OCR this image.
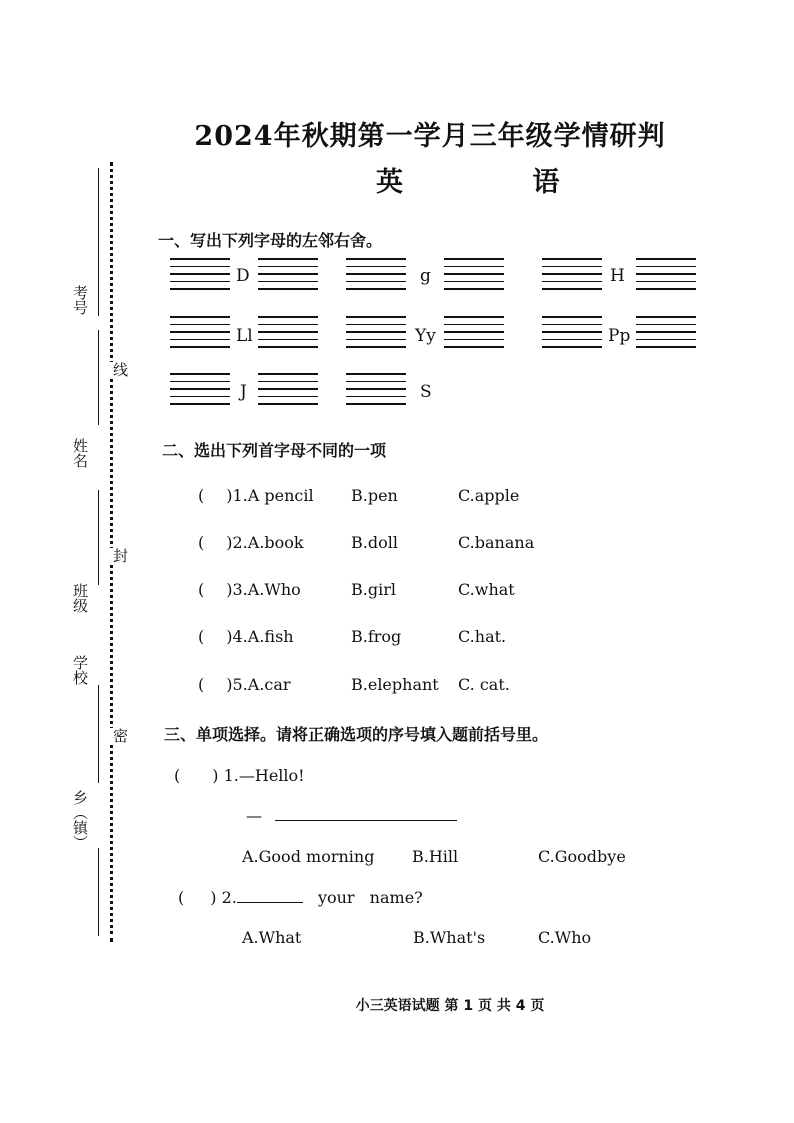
2024年秋期第一学月三年级学情研判
英 语
考号
姓名
班级
学校
乡（镇）
线
封
密
一、写出下列字母的左邻右舍。
D	g	H
Ll	Yy	Pp
J	S
二、选出下列首字母不同的一项
( )1.A pencil B.pen	C.apple
( )2.A.book	B.doll	C.banana
( )3.A.Who	B.girl	C.what
( )4.A.fish	B.frog	C.hat.
( )5.A.car	B.elephant C. cat.
三、单项选择。请将正确选项的序号填入题前括号里。
( ) 1.—Hello!
—
A.Good morning B.Hill	C.Goodbye
( ) 2.	your name?
A.What	B.What's	C.Who
小三英语试题 第 1 页 共 4 页
